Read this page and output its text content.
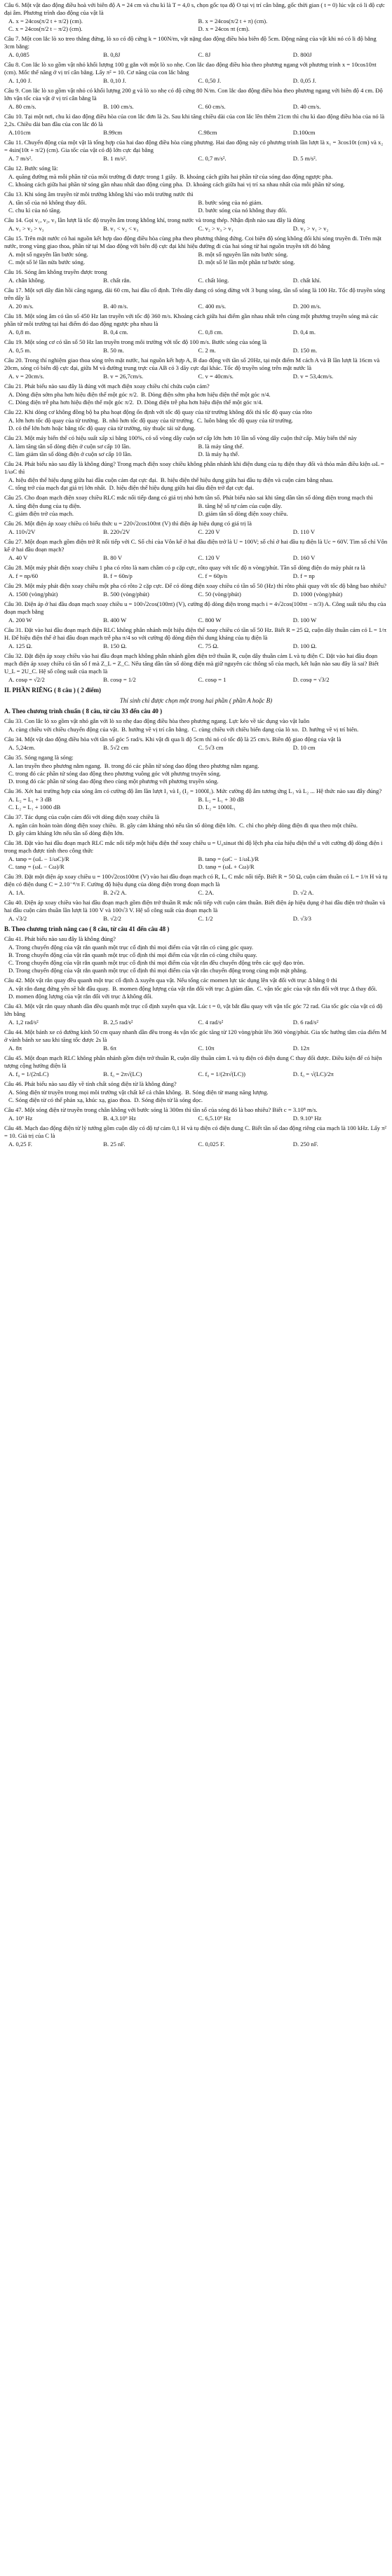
Câu 6. Một vật dao động điều hoà với biên độ A = 24 cm và chu kì là T = 4,0 s, chọn gốc tọa độ O tại vị trí cân bằng, gốc thời gian ( t = 0) lúc vật có li độ cực đại âm. Phương trình dao động của vật là
A. x = 24cos(π/2 t + π/2) (cm).	B. x = 24cos(π/2 t + π) (cm).
C. x = 24cos(π/2 t − π/2) (cm).	D. x = 24cos πt (cm).
Câu 7. Một con lắc lò xo treo thẳng đứng, lò xo có độ cứng k = 100N/m, vật nặng dao động điều hòa biên độ 5cm. Động năng của vật khi nó có li độ bằng 3cm bằng:
A. 0,085	B. 0,8J	C. 8J	D. 800J
Câu 8. Con lắc lò xo gồm vật nhỏ khối lượng 100 g gắn với một lò xo nhẹ. Con lắc dao động điều hòa theo phương ngang với phương trình x = 10cos10πt (cm). Mốc thế năng ở vị trí cân bằng. Lấy π² = 10. Cơ năng của con lắc bằng
A. 1,00 J.	B. 0,10 J.	C. 0,50 J.	D. 0,05 J.
Câu 9. Con lắc lò xo gồm vật nhỏ có khối lượng 200 g và lò xo nhẹ có độ cứng 80 N/m. Con lắc dao động điều hòa theo phương ngang với biên độ 4 cm. Độ lớn vận tốc của vật ở vị trí cân bằng là
A. 80 cm/s.	B. 100 cm/s.	C. 60 cm/s.	D. 40 cm/s.
Câu 10. Tại một nơi, chu kì dao động điều hòa của con lắc đơn là 2s. Sau khi tăng chiều dài của con lắc lên thêm 21cm thì chu kì dao động điều hòa của nó là 2,2s. Chiều dài ban đầu của con lắc đó là
A.101cm	B.99cm	C.98cm	D.100cm
Câu 11. Chuyển động của một vật là tổng hợp của hai dao động điều hòa cùng phương. Hai dao động này có phương trình lần lượt là x₁ = 3cos10t (cm) và x₂ = 4sin(10t + π/2) (cm). Gia tốc của vật có độ lớn cực đại bằng
A. 7 m/s².	B. 1 m/s².	C. 0,7 m/s².	D. 5 m/s².
Câu 12. Bước sóng là:
A. quãng đường mà mỗi phần tử của môi trường đi được trong 1 giây. B. khoảng cách giữa hai phần tử của sóng dao động ngược pha.
C. khoảng cách giữa hai phần tử sóng gần nhau nhất dao động cùng pha. D. khoảng cách giữa hai vị trí xa nhau nhất của mỗi phần tử sóng.
Câu 13. Khi sóng âm truyền từ môi trường không khí vào môi trường nước thì
A. tần số của nó không thay đổi.	B. bước sóng của nó giảm.
C. chu kì của nó tăng.	D. bước sóng của nó không thay đổi.
Câu 14. Gọi v₁, v₂, v₃ lần lượt là tốc độ truyền âm trong không khí, trong nước và trong thép. Nhận định nào sau đây là đúng
A. v₁ > v₂ > v₃	B. v₁ < v₂ < v₃	C. v₂ > v₃ > v₁	D. v₃ > v₁ > v₂
Câu 15. Trên mặt nước có hai nguồn kết hợp dao động điều hòa cùng pha theo phương thẳng đứng. Coi biên độ sóng không đổi khi sóng truyền đi. Trên mặt nước, trong vùng giao thoa, phần tử tại M dao động với biên độ cực đại khi hiệu đường đi của hai sóng từ hai nguồn truyền tới đó bằng
A. một số nguyên lần bước sóng.	B. một số nguyên lần nửa bước sóng.
C. một số lẻ lần nửa bước sóng.	D. một số lẻ lần một phần tư bước sóng.
Câu 16. Sóng âm không truyền được trong
A. chân không.	B. chất rắn.	C. chất lỏng.	D. chất khí.
Câu 17. Một sợi dây đàn hồi căng ngang, dài 60 cm, hai đầu cố định. Trên dây đang có sóng dừng với 3 bụng sóng, tần số sóng là 100 Hz. Tốc độ truyền sóng trên dây là
A. 20 m/s.	B. 40 m/s.	C. 400 m/s.	D. 200 m/s.
Câu 18. Một sóng âm có tần số 450 Hz lan truyền với tốc độ 360 m/s. Khoảng cách giữa hai điểm gần nhau nhất trên cùng một phương truyền sóng mà các phần tử môi trường tại hai điểm đó dao động ngược pha nhau là
A. 0,8 m.	B. 0,4 cm.	C. 0,8 cm.	D. 0,4 m.
Câu 19. Một sóng cơ có tần số 50 Hz lan truyền trong môi trường với tốc độ 100 m/s. Bước sóng của sóng là
A. 0,5 m.	B. 50 m.	C. 2 m.	D. 150 m.
Câu 20. Trong thí nghiệm giao thoa sóng trên mặt nước, hai nguồn kết hợp A, B dao động với tần số 20Hz, tại một điểm M cách A và B lần lượt là 16cm và 20cm, sóng có biên độ cực đại, giữa M và đường trung trực của AB có 3 dãy cực đại khác. Tốc độ truyền sóng trên mặt nước là
A. v = 20cm/s.	B. v = 26,7cm/s.	C. v = 40cm/s.	D. v = 53,4cm/s.
Câu 21. Phát biểu nào sau đây là đúng với mạch điện xoay chiều chỉ chứa cuộn cảm?
A. Dòng điện sớm pha hơn hiệu điện thế một góc π/2. B. Dòng điện sớm pha hơn hiệu điện thế một góc π/4.
C. Dòng điện trễ pha hơn hiệu điện thế một góc π/2. D. Dòng điện trễ pha hơn hiệu điện thế một góc π/4.
Câu 22. Khi dòng cơ không đồng bộ ba pha hoạt động ổn định với tốc độ quay của từ trường không đổi thì tốc độ quay của rôto
A. lớn hơn tốc độ quay của từ trường. B. nhỏ hơn tốc độ quay của từ trường. C. luôn bằng tốc độ quay của từ trường.
D. có thể lớn hơn hoặc bằng tốc độ quay của từ trường, tùy thuộc tải sử dụng.
Câu 23. Một máy biến thế có hiệu suất xấp xỉ bằng 100%, có số vòng dây cuộn sơ cấp lớn hơn 10 lần số vòng dây cuộn thứ cấp. Máy biến thế này
A. làm tăng tần số dòng điện ở cuộn sơ cấp 10 lần.	B. là máy tăng thế.
C. làm giảm tần số dòng điện ở cuộn sơ cấp 10 lần.	D. là máy hạ thế.
Câu 24. Phát biểu nào sau đây là không đúng? Trong mạch điện xoay chiều không phân nhánh khi điện dung của tụ điện thay đổi và thỏa mãn điều kiện ωL = 1/ωC thì
A. hiệu điện thế hiệu dụng giữa hai đầu cuộn cảm đạt cực đại. B. hiệu điện thế hiệu dụng giữa hai đầu tụ điện và cuộn cảm bằng nhau.
C. tổng trở của mạch đạt giá trị lớn nhất. D. hiệu điện thế hiệu dụng giữa hai đầu điện trở đạt cực đại.
Câu 25. Cho đoạn mạch điện xoay chiều RLC mắc nối tiếp đang có giá trị nhỏ hơn tần số. Phát biểu nào sai khi tăng dần tần số dòng điện trong mạch thì
A. tăng điện dung của tụ điện.	B. tăng hệ số tự cảm của cuộn dây.
C. giảm điện trở của mạch.	D. giảm tần số dòng điện xoay chiều.
Câu 26. Một điện áp xoay chiều có biểu thức u = 220√2cos100πt (V) thì điện áp hiệu dụng có giá trị là
A. 110√2V	B. 220√2V	C. 220 V	D. 110 V
Câu 27. Một đoạn mạch gồm điện trở R nối tiếp với C. Số chỉ của Vôn kế ở hai đầu điện trở là U = 100V; số chỉ ở hai đầu tụ điện là Uc = 60V. Tìm số chỉ Vôn kế ở hai đầu đoạn mạch?
A. 40 V	B. 80 V	C. 120 V	D. 160 V
Câu 28. Một máy phát điện xoay chiều 1 pha có rôto là nam châm có p cặp cực, rôto quay với tốc độ n vòng/phút. Tần số dòng điện do máy phát ra là
A. f = np/60	B. f = 60n/p	C. f = 60p/n	D. f = np
Câu 29. Một máy phát điện xoay chiều một pha có rôto 2 cặp cực. Để có dòng điện xoay chiều có tần số 50 (Hz) thì rôto phải quay với tốc độ bằng bao nhiêu?
A. 1500 (vòng/phút)	B. 500 (vòng/phút)	C. 50 (vòng/phút)	D. 1000 (vòng/phút)
Câu 30. Điện áp ở hai đầu đoạn mạch xoay chiều u = 100√2cos(100πt) (V), cường độ dòng điện trong mạch i = 4√2cos(100πt − π/3) A. Công suất tiêu thụ của đoạn mạch bằng
A. 200 W	B. 400 W	C. 800 W	D. 100 W
Câu 31. Đặt vào hai đầu đoạn mạch điện RLC không phân nhánh một hiệu điện thế xoay chiều có tần số 50 Hz. Biết R = 25 Ω, cuộn dây thuần cảm có L = 1/π H. Để hiệu điện thế ở hai đầu đoạn mạch trễ pha π/4 so với cường độ dòng điện thì dung kháng của tụ điện là
A. 125 Ω.	B. 150 Ω.	C. 75 Ω.	D. 100 Ω.
Câu 32. Đặt điện áp xoay chiều vào hai đầu đoạn mạch không phân nhánh gồm điện trở thuần R, cuộn dây thuần cảm L và tụ điện C. Đặt vào hai đầu đoạn mạch điện áp xoay chiều có tần số f mà Z_L = Z_C. Nếu tăng dần tần số dòng điện mà giữ nguyên các thông số của mạch, kết luận nào sau đây là sai? Biết U_L = 2U_C. Hệ số công suất của mạch là
A. cosφ = √2/2	B. cosφ = 1/2	C. cosφ = 1	D. cosφ = √3/2
II. PHẦN RIÊNG ( 8 câu ) ( 2 điểm)
Thí sinh chỉ được chọn một trong hai phần ( phần A hoặc B)
A. Theo chương trình chuẩn ( 8 câu, từ câu 33 đến câu 40 )
Câu 33. Con lắc lò xo gồm vật nhỏ gắn với lò xo nhẹ dao động điều hòa theo phương ngang. Lực kéo về tác dụng vào vật luôn
A. cùng chiều với chiều chuyển động của vật. B. hướng về vị trí cân bằng. C. cùng chiều với chiều biến dạng của lò xo. D. hướng về vị trí biên.
Câu 34. Một vật dao động điều hòa với tần số góc 5 rad/s. Khi vật đi qua li độ 5cm thì nó có tốc độ là 25 cm/s. Biên độ giao động của vật là
A. 5,24cm.	B. 5√2 cm	C. 5√3 cm	D. 10 cm
Câu 35. Sóng ngang là sóng:
A. lan truyền theo phương nằm ngang. B. trong đó các phần tử sóng dao động theo phương nằm ngang.
C. trong đó các phần tử sóng dao động theo phương vuông góc với phương truyền sóng.
D. trong đó các phần tử sóng dao động theo cùng một phương với phương truyền sóng.
Câu 36. Xét hai trường hợp của sóng âm có cường độ âm lần lượt I₁ và I₂ (I₂ = 1000I₁). Mức cường độ âm tương ứng L₁ và L₂ ... Hệ thức nào sau đây đúng?
A. L₂ = L₁ + 3 dB	B. L₂ = L₁ + 30 dB
C. L₂ = L₁ + 1000 dB	D. L₂ = 1000L₁
Câu 37. Tác dụng của cuộn cảm đối với dòng điện xoay chiều là
A. ngăn cản hoàn toàn dòng điện xoay chiều. B. gây cảm kháng nhỏ nếu tần số dòng điện lớn. C. chỉ cho phép dòng điện đi qua theo một chiều.
D. gây cảm kháng lớn nếu tần số dòng điện lớn.
Câu 38. Đặt vào hai đầu đoạn mạch RLC mắc nối tiếp một hiệu điện thế xoay chiều u = U₀sinωt thì độ lệch pha của hiệu điện thế u với cường độ dòng điện i trong mạch được tính theo công thức
A. tanφ = (ωL − 1/ωC)/R	B. tanφ = (ωC − 1/ωL)/R
C. tanφ = (ωL − Cω)/R	D. tanφ = (ωL + Cω)/R
Câu 39. Đặt một điện áp xoay chiều u = 100√2cos100πt (V) vào hai đầu đoạn mạch có R, L, C mắc nối tiếp. Biết R = 50 Ω, cuộn cảm thuần có L = 1/π H và tụ điện có điện dung C = 2.10⁻⁴/π F. Cường độ hiệu dụng của dòng điện trong đoạn mạch là
A. 1A.	B. 2√2 A.	C. 2A.	D. √2 A.
Câu 40. Điện áp xoay chiều vào hai đầu đoạn mạch gồm điện trở thuần R mắc nối tiếp với cuộn cảm thuần. Biết điện áp hiệu dụng ở hai đầu điện trở thuần và hai đầu cuộn cảm thuần lần lượt là 100 V và 100√3 V. Hệ số công suất của đoạn mạch là
A. √3/2	B. √2/2	C. 1/2	D. √3/3
B. Theo chương trình nâng cao ( 8 câu, từ câu 41 đến câu 48 )
Câu 41. Phát biểu nào sau đây là không đúng?
A. Trong chuyển động của vật rắn quanh một trục cố định thì mọi điểm của vật rắn có cùng góc quay.
B. Trong chuyển động của vật rắn quanh một trục cố định thì mọi điểm của vật rắn có cùng chiều quay.
C. Trong chuyển động của vật rắn quanh một trục cố định thì mọi điểm của vật rắn đều chuyển động trên các quỹ đạo tròn.
D. Trong chuyển động của vật rắn quanh một trục cố định thì mọi điểm của vật rắn chuyển động trong cùng một mặt phẳng.
Câu 42. Một vật rắn quay đều quanh một trục cố định Δ xuyên qua vật. Nếu tổng các momen lực tác dụng lên vật đối với trục Δ bằng 0 thì
A. vật rắn đang đứng yên sẽ bắt đầu quay. B. momen động lượng của vật rắn đối với trục Δ giảm dần. C. vận tốc góc của vật rắn đối với trục Δ thay đổi.
D. momen động lượng của vật rắn đối với trục Δ không đổi.
Câu 43. Một vật rắn quay nhanh dần đều quanh một trục cố định xuyên qua vật. Lúc t = 0, vật bắt đầu quay với vận tốc góc 72 rad. Gia tốc góc của vật có độ lớn bằng
A. 1,2 rad/s²	B. 2,5 rad/s²	C. 4 rad/s²	D. 6 rad/s²
Câu 44. Một bánh xe có đường kính 50 cm quay nhanh dần đều trong 4s vận tốc góc tăng từ 120 vòng/phút lên 360 vòng/phút. Gia tốc hướng tâm của điểm M ở vành bánh xe sau khi tăng tốc được 2s là
A. 8π	B. 6π	C. 10π	D. 12π
Câu 45. Một đoạn mạch RLC không phân nhánh gồm điện trở thuần R, cuộn dây thuần cảm L và tụ điện có điện dung C thay đổi được. Điều kiện để có hiện tượng cộng hưởng điện là
A. f₀ = 1/(2πLC)	B. f₀ = 2π√(LC)	C. f₀ = 1/(2π√(LC))	D. f₀ = √(LC)/2π
Câu 46. Phát biểu nào sau đây về tính chất sóng điện từ là không đúng?
A. Sóng điện từ truyền trong mọi môi trường vật chất kể cả chân không. B. Sóng điện từ mang năng lượng.
C. Sóng điện từ có thể phản xạ, khúc xạ, giao thoa. D. Sóng điện từ là sóng dọc.
Câu 47. Một sóng điện từ truyền trong chân không với bước sóng là 300m thì tần số của sóng đó là bao nhiêu? Biết c = 3.10⁸ m/s.
A. 10⁶ Hz	B. 4,3.10⁶ Hz	C. 6,5.10⁶ Hz	D. 9.10⁶ Hz
Câu 48. Mạch dao động điện từ lý tưởng gồm cuộn dây có độ tự cảm 0,1 H và tụ điện có điện dung C. Biết tần số dao động riêng của mạch là 100 kHz. Lấy π² = 10. Giá trị của C là
A. 0,25 F.	B. 25 nF.	C. 0,025 F.	D. 250 nF.
